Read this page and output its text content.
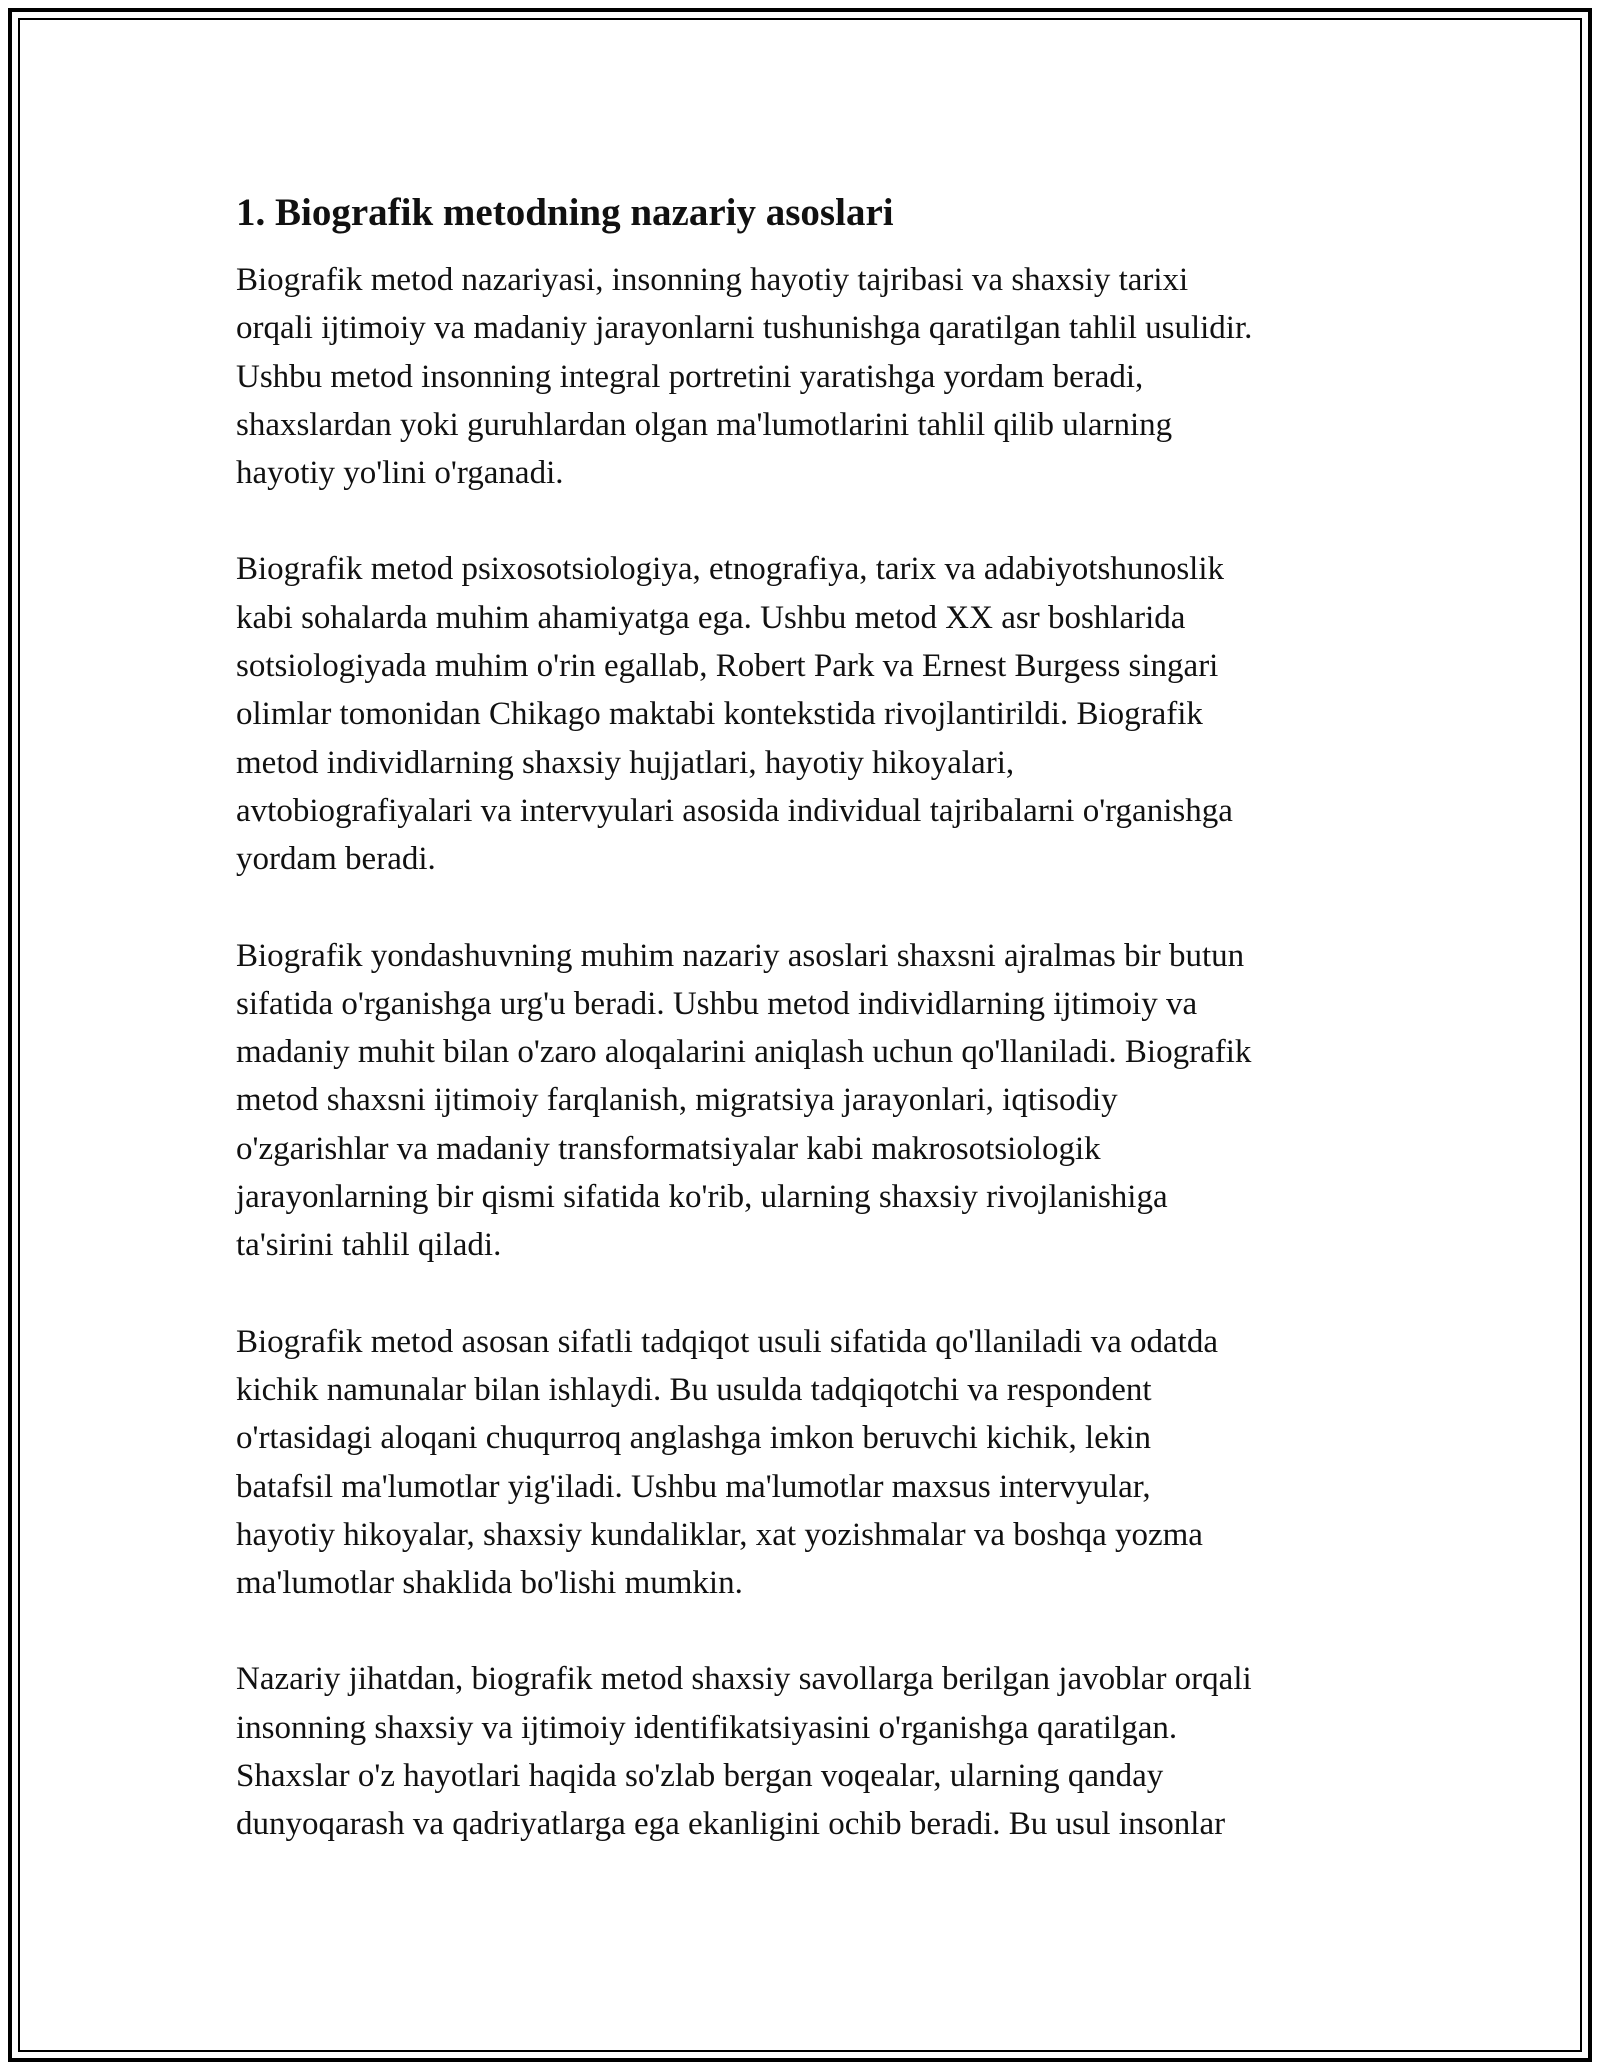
1. Biografik metodning nazariy asoslari
Biografik metod nazariyasi, insonning hayotiy tajribasi va shaxsiy tarixi
orqali ijtimoiy va madaniy jarayonlarni tushunishga qaratilgan tahlil usulidir.
Ushbu metod insonning integral portretini yaratishga yordam beradi,
shaxslardan yoki guruhlardan olgan ma'lumotlarini tahlil qilib ularning
hayotiy yo'lini o'rganadi.
Biografik metod psixosotsiologiya, etnografiya, tarix va adabiyotshunoslik
kabi sohalarda muhim ahamiyatga ega. Ushbu metod XX asr boshlarida
sotsiologiyada muhim o'rin egallab, Robert Park va Ernest Burgess singari
olimlar tomonidan Chikago maktabi kontekstida rivojlantirildi. Biografik
metod individlarning shaxsiy hujjatlari, hayotiy hikoyalari,
avtobiografiyalari va intervyulari asosida individual tajribalarni o'rganishga
yordam beradi.
Biografik yondashuvning muhim nazariy asoslari shaxsni ajralmas bir butun
sifatida o'rganishga urg'u beradi. Ushbu metod individlarning ijtimoiy va
madaniy muhit bilan o'zaro aloqalarini aniqlash uchun qo'llaniladi. Biografik
metod shaxsni ijtimoiy farqlanish, migratsiya jarayonlari, iqtisodiy
o'zgarishlar va madaniy transformatsiyalar kabi makrosotsiologik
jarayonlarning bir qismi sifatida ko'rib, ularning shaxsiy rivojlanishiga
ta'sirini tahlil qiladi.
Biografik metod asosan sifatli tadqiqot usuli sifatida qo'llaniladi va odatda
kichik namunalar bilan ishlaydi. Bu usulda tadqiqotchi va respondent
o'rtasidagi aloqani chuqurroq anglashga imkon beruvchi kichik, lekin
batafsil ma'lumotlar yig'iladi. Ushbu ma'lumotlar maxsus intervyular,
hayotiy hikoyalar, shaxsiy kundaliklar, xat yozishmalar va boshqa yozma
ma'lumotlar shaklida bo'lishi mumkin.
Nazariy jihatdan, biografik metod shaxsiy savollarga berilgan javoblar orqali
insonning shaxsiy va ijtimoiy identifikatsiyasini o'rganishga qaratilgan.
Shaxslar o'z hayotlari haqida so'zlab bergan voqealar, ularning qanday
dunyoqarash va qadriyatlarga ega ekanligini ochib beradi. Bu usul insonlar
